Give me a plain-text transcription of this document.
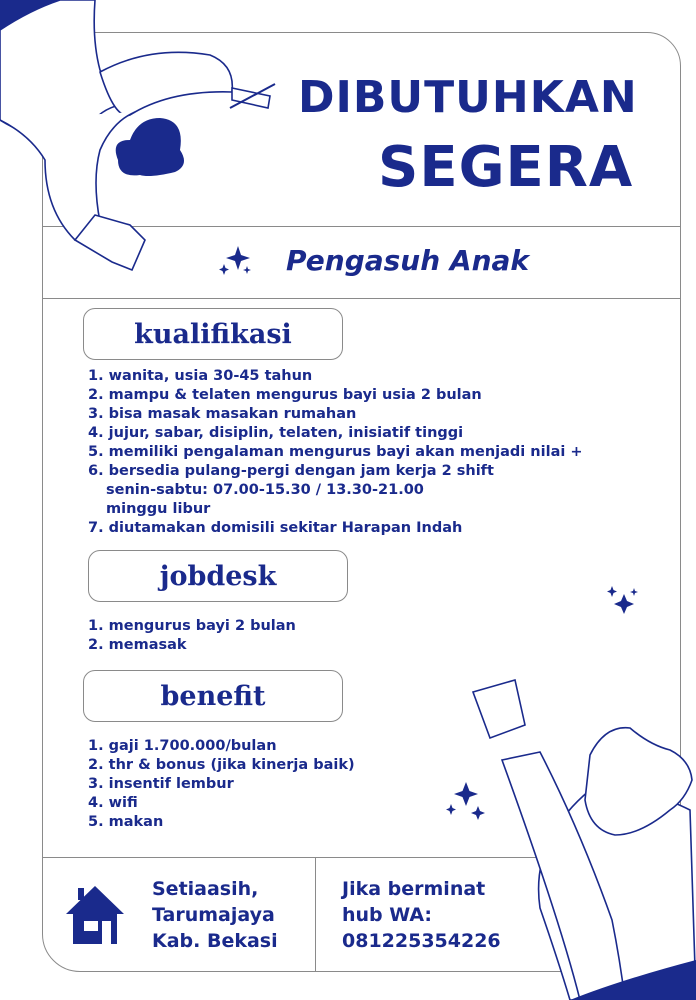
DIBUTUHKAN
SEGERA
Pengasuh Anak
kualifikasi
1. wanita, usia 30-45 tahun
2. mampu & telaten mengurus bayi usia 2 bulan
3. bisa masak masakan rumahan
4. jujur, sabar, disiplin, telaten, inisiatif tinggi
5. memiliki pengalaman mengurus bayi akan menjadi nilai +
6. bersedia pulang-pergi dengan jam kerja 2 shift
senin-sabtu: 07.00-15.30 / 13.30-21.00
minggu libur
7. diutamakan domisili sekitar Harapan Indah
jobdesk
1. mengurus bayi 2 bulan
2. memasak
benefit
1. gaji 1.700.000/bulan
2. thr & bonus (jika kinerja baik)
3. insentif lembur
4. wifi
5. makan
Setiaasih,
Tarumajaya
Kab. Bekasi
Jika berminat
hub WA:
081225354226
